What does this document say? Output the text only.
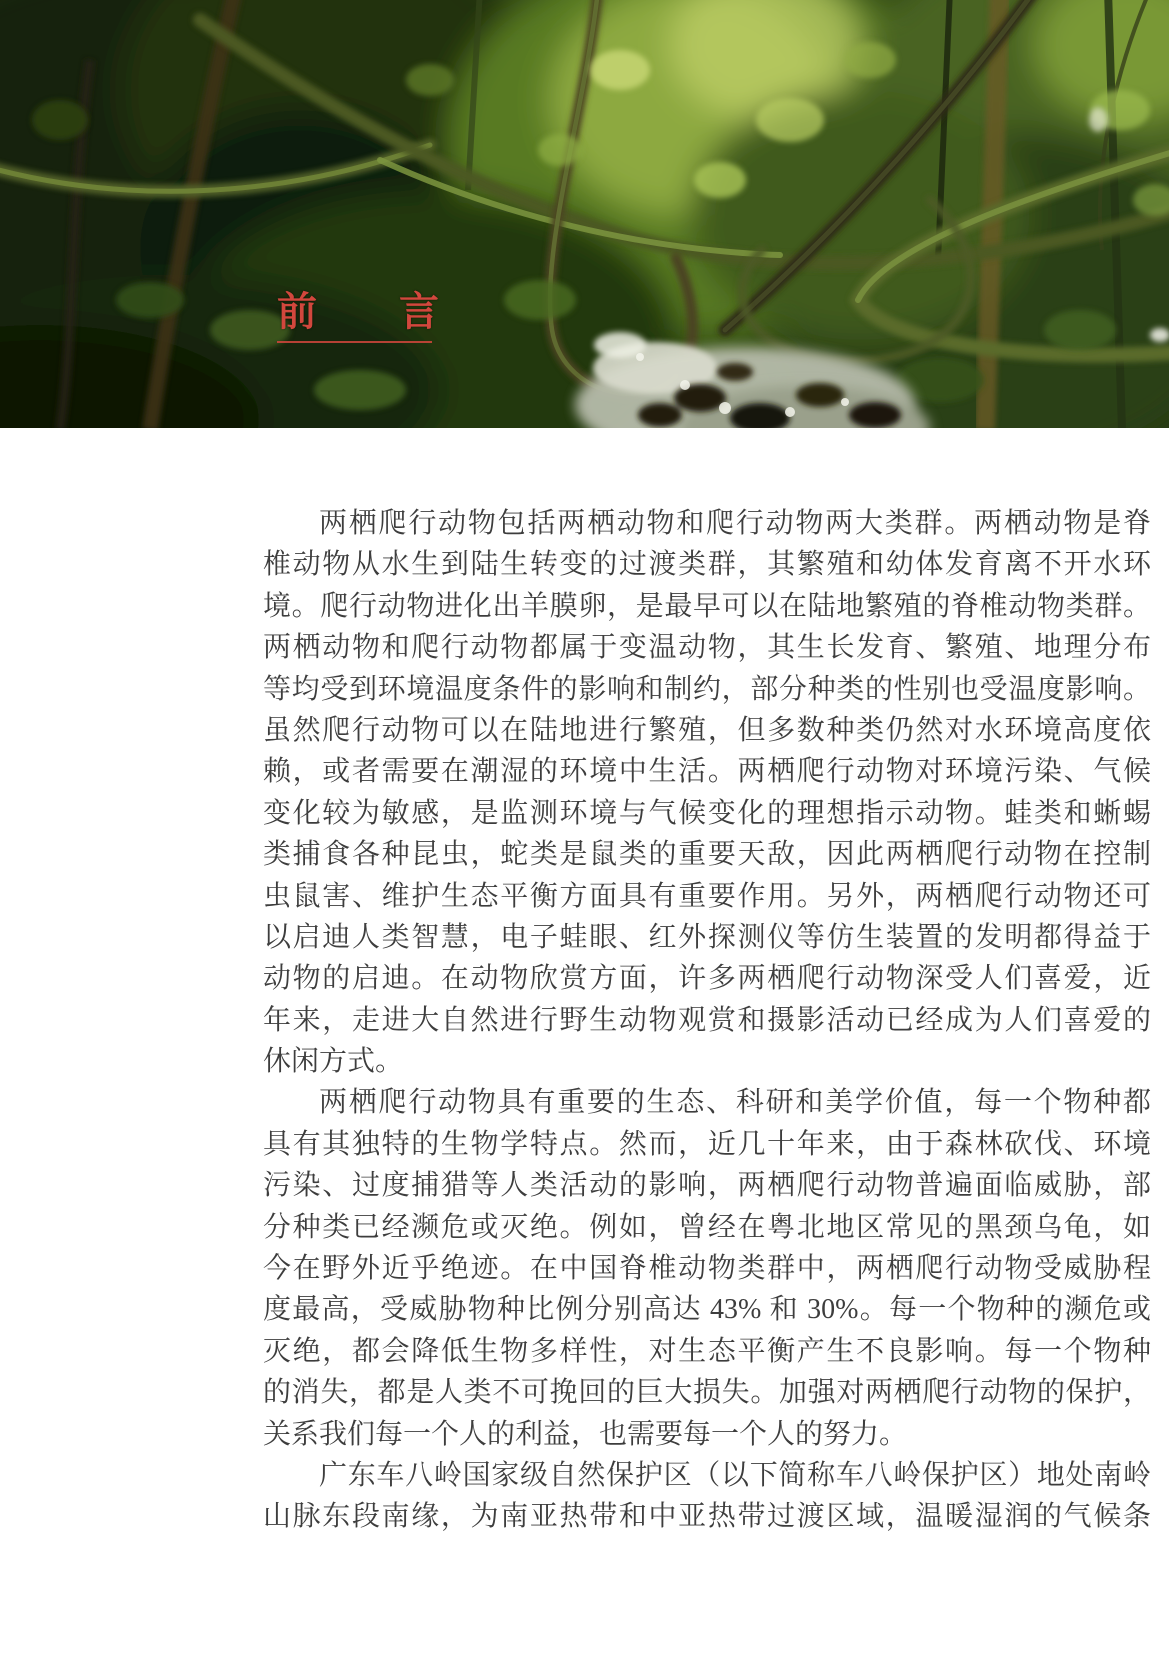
前言
两栖爬行动物包括两栖动物和爬行动物两大类群。两栖动物是脊
椎动物从水生到陆生转变的过渡类群，其繁殖和幼体发育离不开水环
境。爬行动物进化出羊膜卵，是最早可以在陆地繁殖的脊椎动物类群。
两栖动物和爬行动物都属于变温动物，其生长发育、繁殖、地理分布
等均受到环境温度条件的影响和制约，部分种类的性别也受温度影响。
虽然爬行动物可以在陆地进行繁殖，但多数种类仍然对水环境高度依
赖，或者需要在潮湿的环境中生活。两栖爬行动物对环境污染、气候
变化较为敏感，是监测环境与气候变化的理想指示动物。蛙类和蜥蜴
类捕食各种昆虫，蛇类是鼠类的重要天敌，因此两栖爬行动物在控制
虫鼠害、维护生态平衡方面具有重要作用。另外，两栖爬行动物还可
以启迪人类智慧，电子蛙眼、红外探测仪等仿生装置的发明都得益于
动物的启迪。在动物欣赏方面，许多两栖爬行动物深受人们喜爱，近
年来，走进大自然进行野生动物观赏和摄影活动已经成为人们喜爱的
休闲方式。
两栖爬行动物具有重要的生态、科研和美学价值，每一个物种都
具有其独特的生物学特点。然而，近几十年来，由于森林砍伐、环境
污染、过度捕猎等人类活动的影响，两栖爬行动物普遍面临威胁，部
分种类已经濒危或灭绝。例如，曾经在粤北地区常见的黑颈乌龟，如
今在野外近乎绝迹。在中国脊椎动物类群中，两栖爬行动物受威胁程
度最高，受威胁物种比例分别高达 43% 和 30%。每一个物种的濒危或
灭绝，都会降低生物多样性，对生态平衡产生不良影响。每一个物种
的消失，都是人类不可挽回的巨大损失。加强对两栖爬行动物的保护，
关系我们每一个人的利益，也需要每一个人的努力。
广东车八岭国家级自然保护区（以下简称车八岭保护区）地处南岭
山脉东段南缘，为南亚热带和中亚热带过渡区域，温暖湿润的气候条
